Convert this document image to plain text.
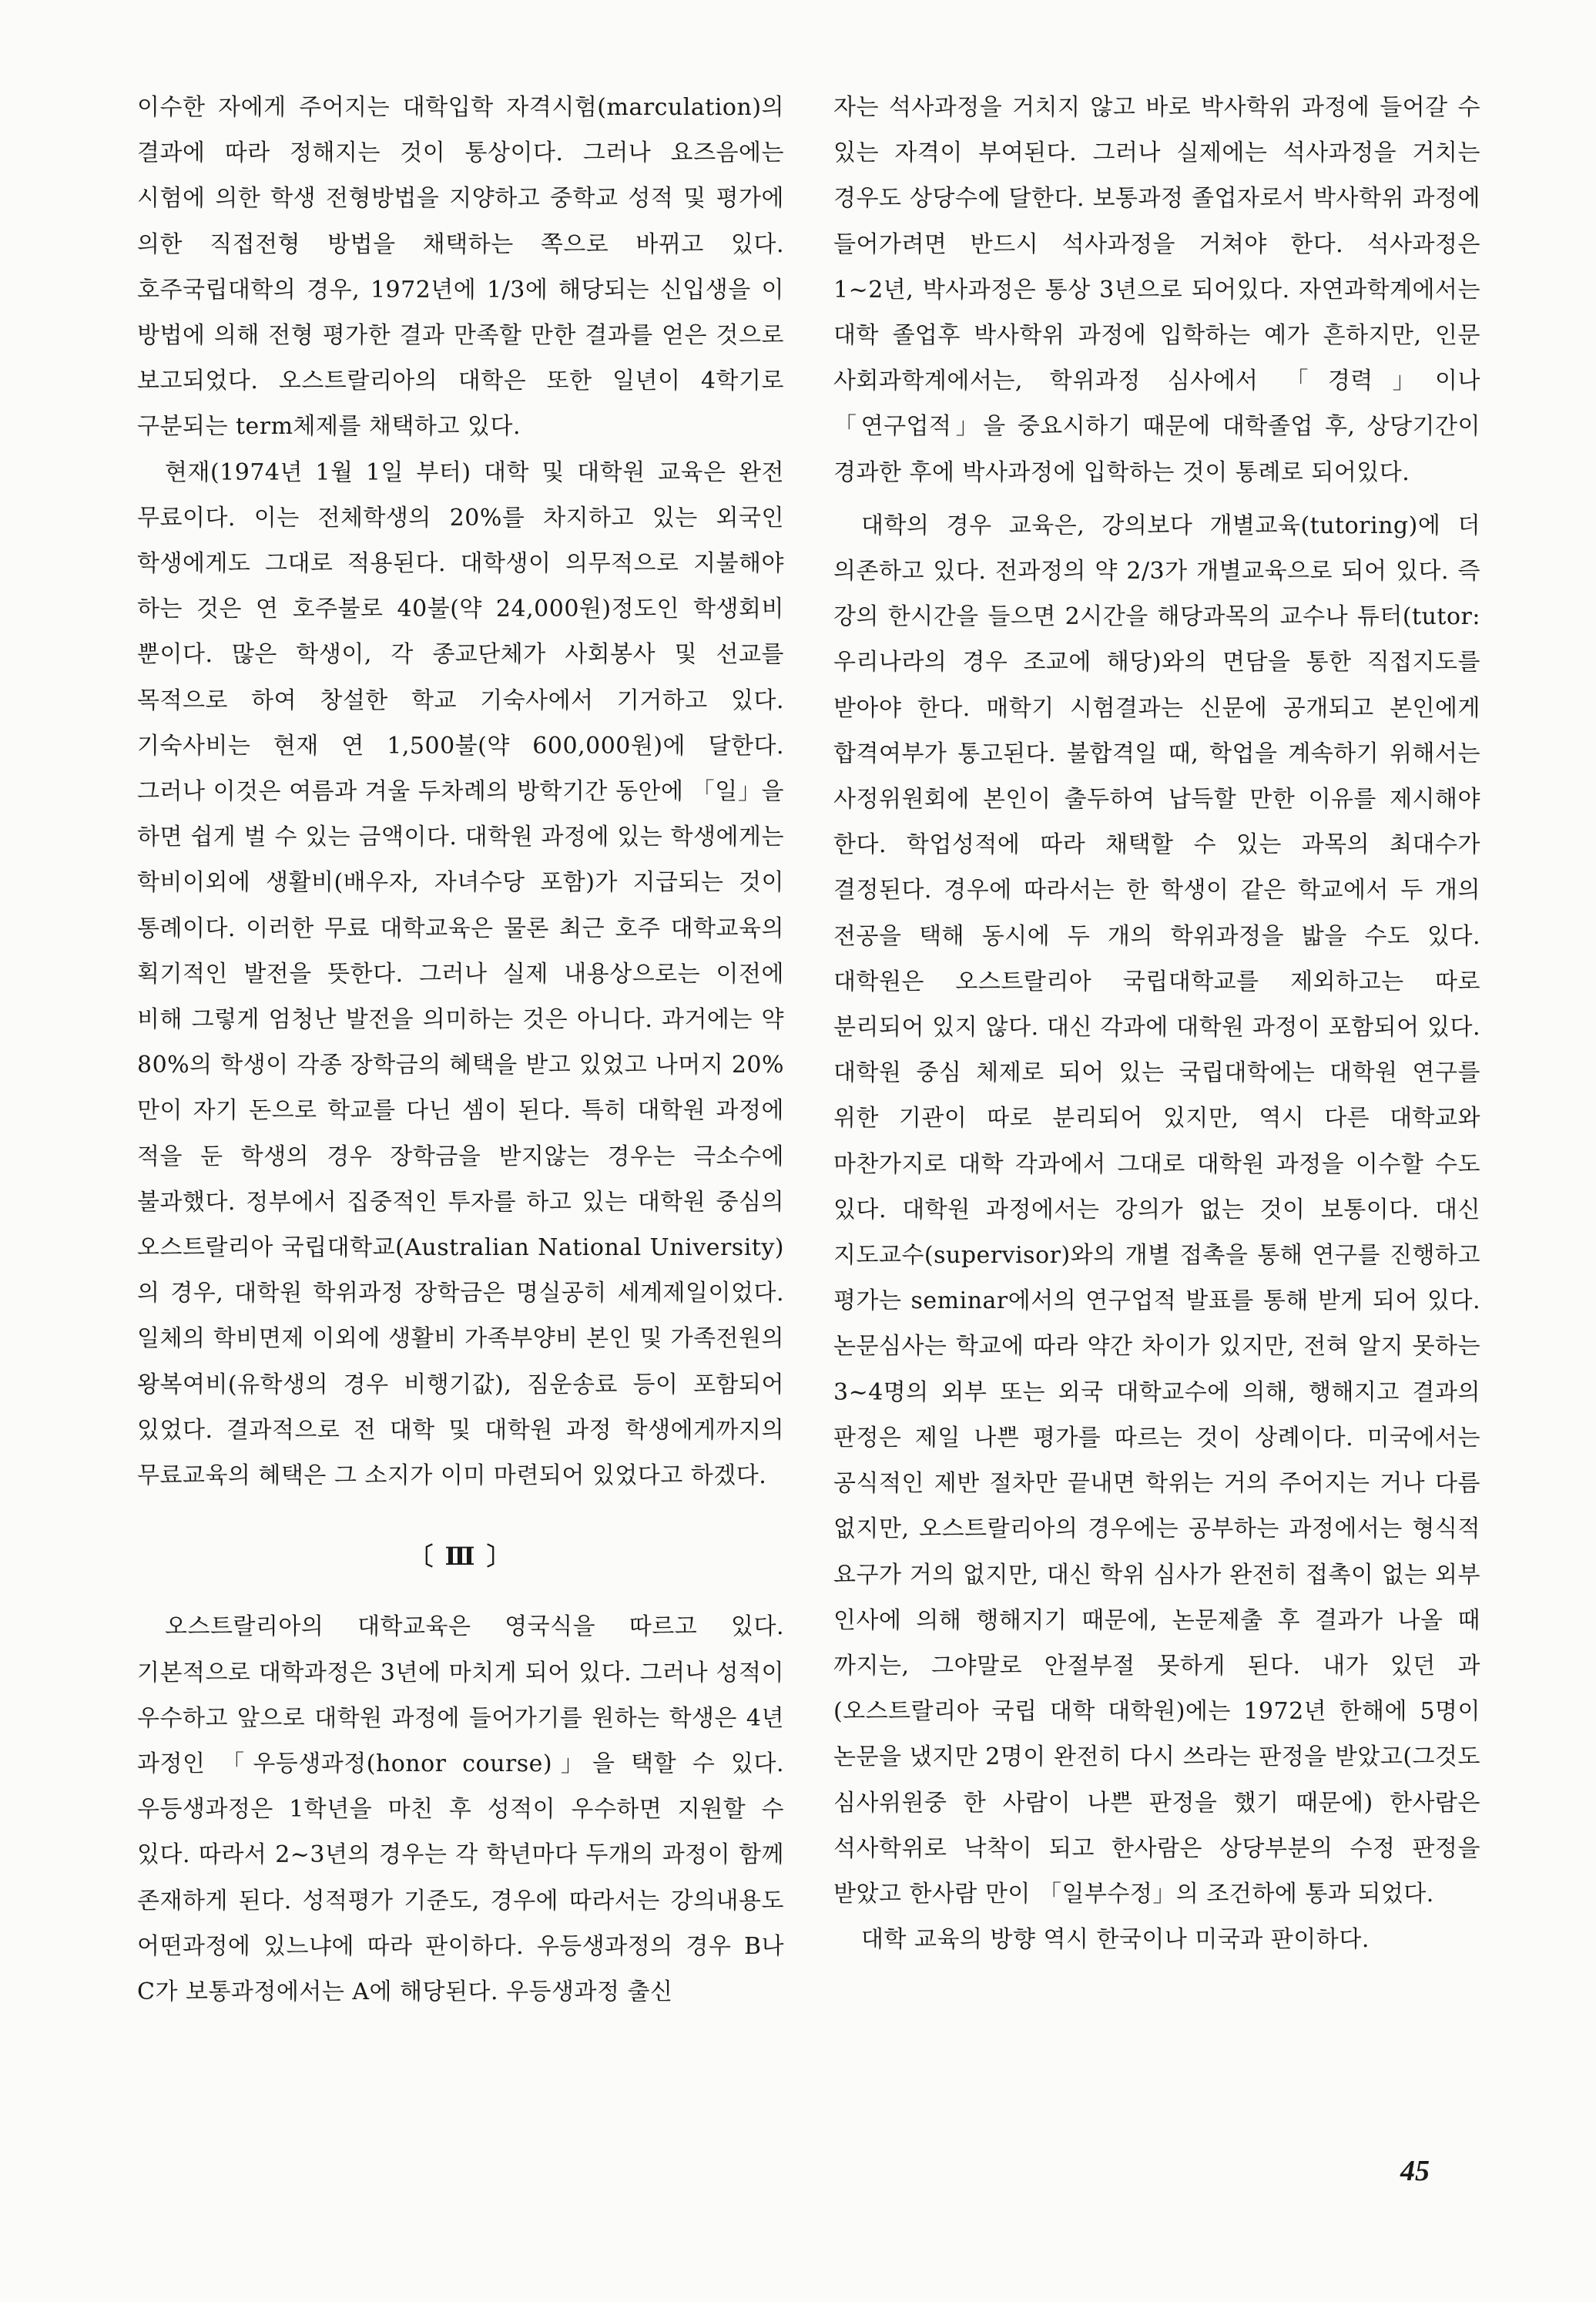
이수한 자에게 주어지는 대학입학 자격시험(marculation)의 결과에 따라 정해지는 것이 통상이다. 그러나 요즈음에는 시험에 의한 학생 전형방법을 지양하고 중학교 성적 및 평가에 의한 직접전형 방법을 채택하는 쪽으로 바뀌고 있다. 호주국립대학의 경우, 1972년에 1/3에 해당되는 신입생을 이 방법에 의해 전형 평가한 결과 만족할 만한 결과를 얻은 것으로 보고되었다. 오스트랄리아의 대학은 또한 일년이 4학기로 구분되는 term체제를 채택하고 있다.

현재(1974년 1월 1일 부터) 대학 및 대학원 교육은 완전 무료이다. 이는 전체학생의 20%를 차지하고 있는 외국인 학생에게도 그대로 적용된다. 대학생이 의무적으로 지불해야 하는 것은 연 호주불로 40불(약 24,000원)정도인 학생회비 뿐이다. 많은 학생이, 각 종교단체가 사회봉사 및 선교를 목적으로 하여 창설한 학교 기숙사에서 기거하고 있다. 기숙사비는 현재 연 1,500불(약 600,000원)에 달한다. 그러나 이것은 여름과 겨울 두차례의 방학기간 동안에 「일」을 하면 쉽게 벌 수 있는 금액이다. 대학원 과정에 있는 학생에게는 학비이외에 생활비(배우자, 자녀수당 포함)가 지급되는 것이 통례이다. 이러한 무료 대학교육은 물론 최근 호주 대학교육의 획기적인 발전을 뜻한다. 그러나 실제 내용상으로는 이전에 비해 그렇게 엄청난 발전을 의미하는 것은 아니다. 과거에는 약 80%의 학생이 각종 장학금의 혜택을 받고 있었고 나머지 20%만이 자기 돈으로 학교를 다닌 셈이 된다. 특히 대학원 과정에 적을 둔 학생의 경우 장학금을 받지않는 경우는 극소수에 불과했다. 정부에서 집중적인 투자를 하고 있는 대학원 중심의 오스트랄리아 국립대학교(Australian National University)의 경우, 대학원 학위과정 장학금은 명실공히 세계제일이었다. 일체의 학비면제 이외에 생활비 가족부양비 본인 및 가족전원의 왕복여비(유학생의 경우 비행기값), 짐운송료 등이 포함되어 있었다. 결과적으로 전 대학 및 대학원 과정 학생에게까지의 무료교육의 혜택은 그 소지가 이미 마련되어 있었다고 하겠다.

〔 Ⅲ 〕

오스트랄리아의 대학교육은 영국식을 따르고 있다. 기본적으로 대학과정은 3년에 마치게 되어 있다. 그러나 성적이 우수하고 앞으로 대학원 과정에 들어가기를 원하는 학생은 4년 과정인 「우등생과정(honor course)」을 택할 수 있다. 우등생과정은 1학년을 마친 후 성적이 우수하면 지원할 수 있다. 따라서 2~3년의 경우는 각 학년마다 두개의 과정이 함께 존재하게 된다. 성적평가 기준도, 경우에 따라서는 강의내용도 어떤과정에 있느냐에 따라 판이하다. 우등생과정의 경우 B나 C가 보통과정에서는 A에 해당된다. 우등생과정 출신

자는 석사과정을 거치지 않고 바로 박사학위 과정에 들어갈 수 있는 자격이 부여된다. 그러나 실제에는 석사과정을 거치는 경우도 상당수에 달한다. 보통과정 졸업자로서 박사학위 과정에 들어가려면 반드시 석사과정을 거쳐야 한다. 석사과정은 1~2년, 박사과정은 통상 3년으로 되어있다. 자연과학계에서는 대학 졸업후 박사학위 과정에 입학하는 예가 흔하지만, 인문 사회과학계에서는, 학위과정 심사에서 「경력」이나 「연구업적」을 중요시하기 때문에 대학졸업 후, 상당기간이 경과한 후에 박사과정에 입학하는 것이 통례로 되어있다.

대학의 경우 교육은, 강의보다 개별교육(tutoring)에 더 의존하고 있다. 전과정의 약 2/3가 개별교육으로 되어 있다. 즉 강의 한시간을 들으면 2시간을 해당과목의 교수나 튜터(tutor: 우리나라의 경우 조교에 해당)와의 면담을 통한 직접지도를 받아야 한다. 매학기 시험결과는 신문에 공개되고 본인에게 합격여부가 통고된다. 불합격일 때, 학업을 계속하기 위해서는 사정위원회에 본인이 출두하여 납득할 만한 이유를 제시해야 한다. 학업성적에 따라 채택할 수 있는 과목의 최대수가 결정된다. 경우에 따라서는 한 학생이 같은 학교에서 두 개의 전공을 택해 동시에 두 개의 학위과정을 밟을 수도 있다. 대학원은 오스트랄리아 국립대학교를 제외하고는 따로 분리되어 있지 않다. 대신 각과에 대학원 과정이 포함되어 있다. 대학원 중심 체제로 되어 있는 국립대학에는 대학원 연구를 위한 기관이 따로 분리되어 있지만, 역시 다른 대학교와 마찬가지로 대학 각과에서 그대로 대학원 과정을 이수할 수도 있다. 대학원 과정에서는 강의가 없는 것이 보통이다. 대신 지도교수(supervisor)와의 개별 접촉을 통해 연구를 진행하고 평가는 seminar에서의 연구업적 발표를 통해 받게 되어 있다. 논문심사는 학교에 따라 약간 차이가 있지만, 전혀 알지 못하는 3~4명의 외부 또는 외국 대학교수에 의해, 행해지고 결과의 판정은 제일 나쁜 평가를 따르는 것이 상례이다. 미국에서는 공식적인 제반 절차만 끝내면 학위는 거의 주어지는 거나 다름 없지만, 오스트랄리아의 경우에는 공부하는 과정에서는 형식적 요구가 거의 없지만, 대신 학위 심사가 완전히 접촉이 없는 외부 인사에 의해 행해지기 때문에, 논문제출 후 결과가 나올 때 까지는, 그야말로 안절부절 못하게 된다. 내가 있던 과(오스트랄리아 국립 대학 대학원)에는 1972년 한해에 5명이 논문을 냈지만 2명이 완전히 다시 쓰라는 판정을 받았고(그것도 심사위원중 한 사람이 나쁜 판정을 했기 때문에) 한사람은 석사학위로 낙착이 되고 한사람은 상당부분의 수정 판정을 받았고 한사람 만이 「일부수정」의 조건하에 통과 되었다.

대학 교육의 방향 역시 한국이나 미국과 판이하다.

45
